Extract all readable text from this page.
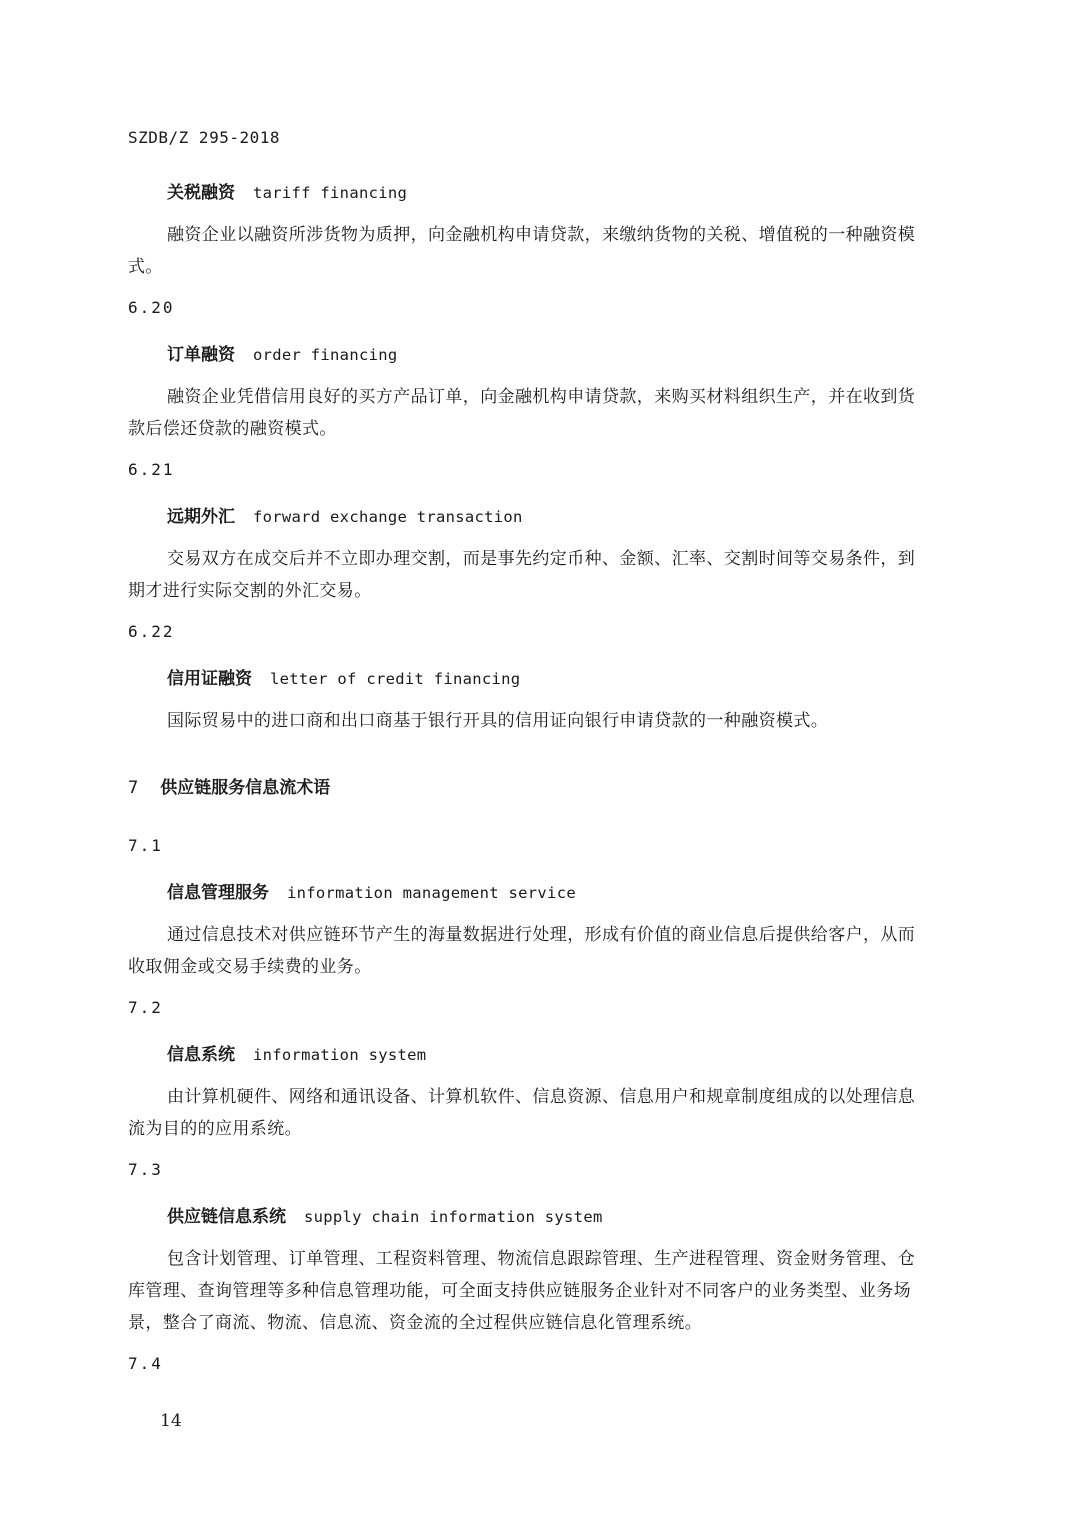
SZDB/Z 295-2018
关税融资 tariff financing
融资企业以融资所涉货物为质押，向金融机构申请贷款，来缴纳货物的关税、增值税的一种融资模
式。
6.20
订单融资 order financing
融资企业凭借信用良好的买方产品订单，向金融机构申请贷款，来购买材料组织生产，并在收到货
款后偿还贷款的融资模式。
6.21
远期外汇 forward exchange transaction
交易双方在成交后并不立即办理交割，而是事先约定币种、金额、汇率、交割时间等交易条件，到
期才进行实际交割的外汇交易。
6.22
信用证融资 letter of credit financing
国际贸易中的进口商和出口商基于银行开具的信用证向银行申请贷款的一种融资模式。
7 供应链服务信息流术语
7.1
信息管理服务 information management service
通过信息技术对供应链环节产生的海量数据进行处理，形成有价值的商业信息后提供给客户，从而
收取佣金或交易手续费的业务。
7.2
信息系统 information system
由计算机硬件、网络和通讯设备、计算机软件、信息资源、信息用户和规章制度组成的以处理信息
流为目的的应用系统。
7.3
供应链信息系统 supply chain information system
包含计划管理、订单管理、工程资料管理、物流信息跟踪管理、生产进程管理、资金财务管理、仓
库管理、查询管理等多种信息管理功能，可全面支持供应链服务企业针对不同客户的业务类型、业务场
景，整合了商流、物流、信息流、资金流的全过程供应链信息化管理系统。
7.4
14
